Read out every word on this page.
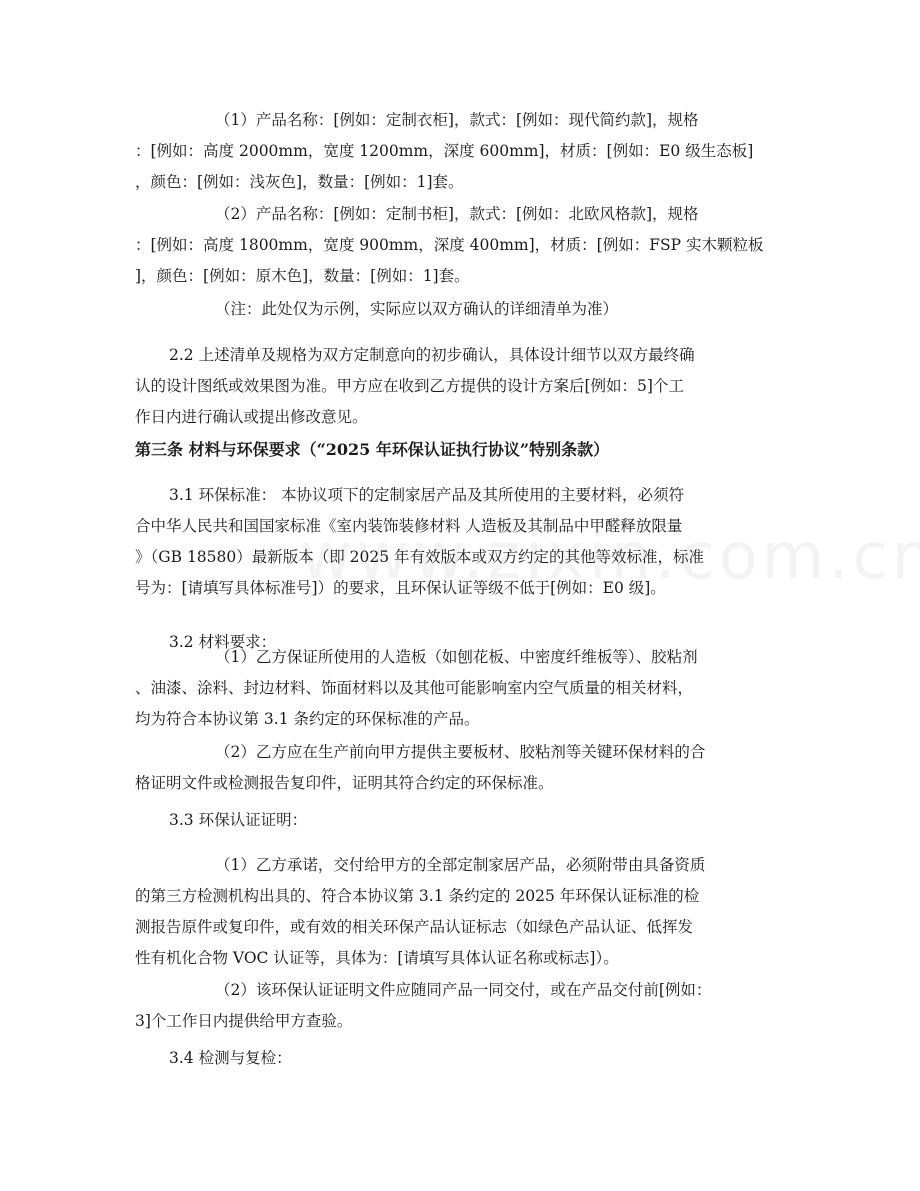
（1）产品名称：[例如：定制衣柜]，款式：[例如：现代简约款]，规格
：[例如：高度 2000mm，宽度 1200mm，深度 600mm]，材质：[例如：E0 级生态板]
，颜色：[例如：浅灰色]，数量：[例如：1]套。

（2）产品名称：[例如：定制书柜]，款式：[例如：北欧风格款]，规格
：[例如：高度 1800mm，宽度 900mm，深度 400mm]，材质：[例如：FSP 实木颗粒板
]，颜色：[例如：原木色]，数量：[例如：1]套。

（注：此处仅为示例，实际应以双方确认的详细清单为准）

2.2 上述清单及规格为双方定制意向的初步确认，具体设计细节以双方最终确
认的设计图纸或效果图为准。甲方应在收到乙方提供的设计方案后[例如：5]个工
作日内进行确认或提出修改意见。

第三条 材料与环保要求（“2025 年环保认证执行协议”特别条款）

3.1 环保标准： 本协议项下的定制家居产品及其所使用的主要材料，必须符
合中华人民共和国国家标准《室内装饰装修材料 人造板及其制品中甲醛释放限量
》（GB 18580）最新版本（即 2025 年有效版本或双方约定的其他等效标准，标准
号为：[请填写具体标准号]）的要求，且环保认证等级不低于[例如：E0 级]。

3.2 材料要求：

（1）乙方保证所使用的人造板（如刨花板、中密度纤维板等）、胶粘剂
、油漆、涂料、封边材料、饰面材料以及其他可能影响室内空气质量的相关材料，
均为符合本协议第 3.1 条约定的环保标准的产品。

（2）乙方应在生产前向甲方提供主要板材、胶粘剂等关键环保材料的合
格证明文件或检测报告复印件，证明其符合约定的环保标准。

3.3 环保认证证明：

（1）乙方承诺，交付给甲方的全部定制家居产品，必须附带由具备资质
的第三方检测机构出具的、符合本协议第 3.1 条约定的 2025 年环保认证标准的检
测报告原件或复印件，或有效的相关环保产品认证标志（如绿色产品认证、低挥发
性有机化合物 VOC 认证等，具体为：[请填写具体认证名称或标志]）。

（2）该环保认证证明文件应随同产品一同交付，或在产品交付前[例如：
3]个工作日内提供给甲方查验。

3.4 检测与复检：
